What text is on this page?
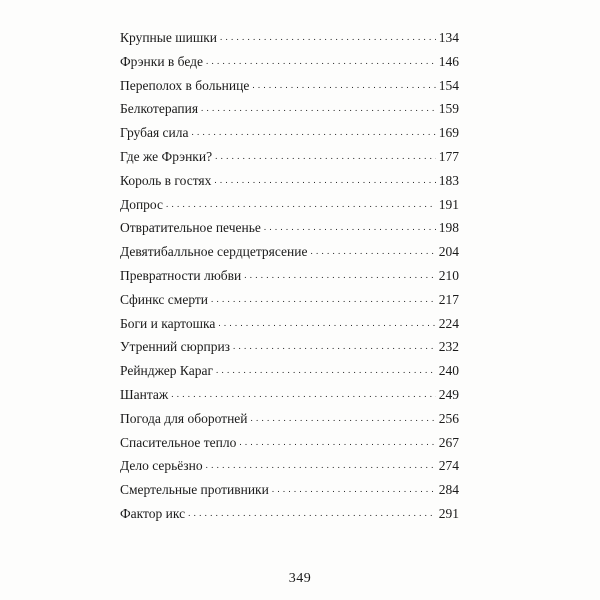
Крупные шишки . . .	134
Фрэнки в беде . . .	146
Переполох в больнице . . .	154
Белкотерапия . . .	159
Грубая сила . . .	169
Где же Фрэнки? . . .	177
Король в гостях . . .	183
Допрос . . .	191
Отвратительное печенье . . .	198
Девятибалльное сердцетрясение . . .	204
Превратности любви . . .	210
Сфинкс смерти . . .	217
Боги и картошка . . .	224
Утренний сюрприз . . .	232
Рейнджер Караг . . .	240
Шантаж . . .	249
Погода для оборотней . . .	256
Спасительное тепло . . .	267
Дело серьёзно . . .	274
Смертельные противники . . .	284
Фактор икс . . .	291
349
